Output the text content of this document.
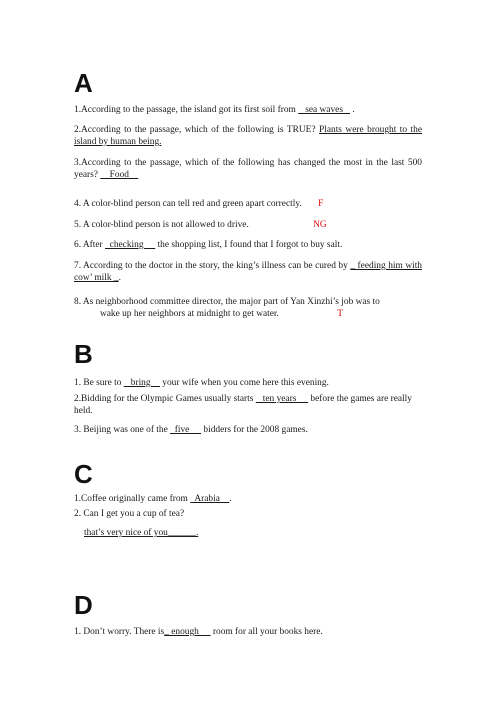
A

1.According to the passage, the island got its first soil from    sea waves    .

2.According to the passage, which of the following is TRUE? Plants were brought to the island by human being.

3.According to the passage, which of the following has changed the most in the last 500 years?     Food

4. A color-blind person can tell red and green apart correctly. F

5. A color-blind person is not allowed to drive.	NG

6. After   checking      the shopping list, I found that I forgot to buy salt.

7. According to the doctor in the story, the king’s illness can be cured by _ feeding him with cow’ milk _.

8. As neighborhood committee director, the major part of Yan Xinzhi’s job was to
wake up her neighbors at midnight to get water.	T

B

1. Be sure to    bring     your wife when you come here this evening.

2.Bidding for the Olympic Games usually starts    ten years      before the games are really held.

3. Beijing was one of the   five      bidders for the 2008 games.

C

1.Coffee originally came from   Arabia    .

2. Can I get you a cup of tea?
that’s very nice of you______.

D

1. Don’t worry. There is_ enough      room for all your books here.
